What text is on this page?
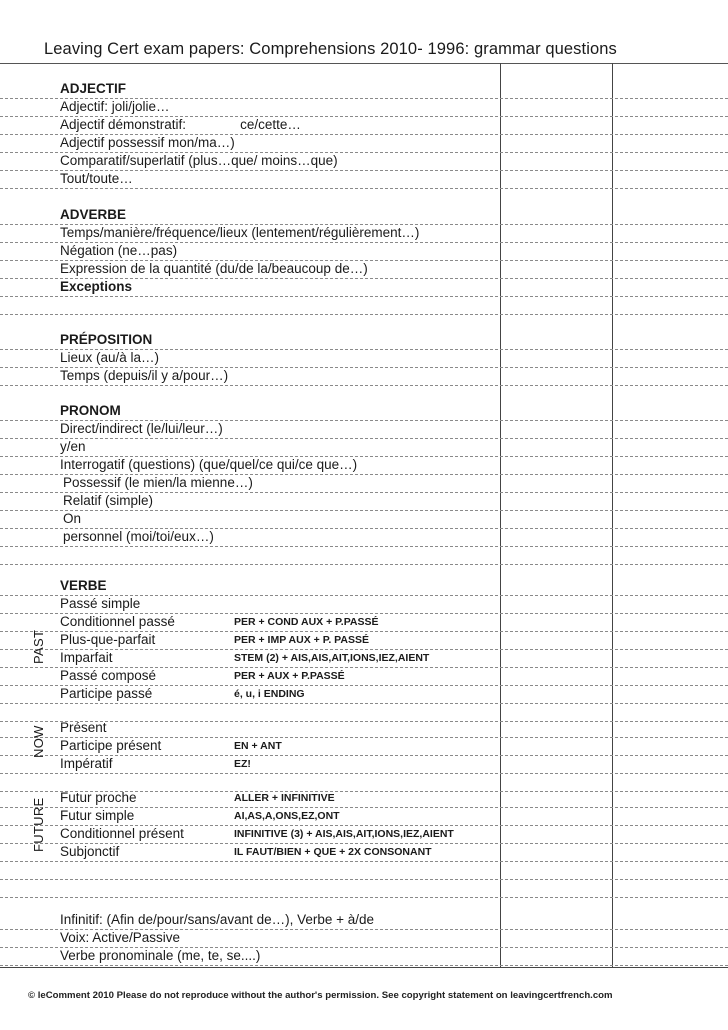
Leaving Cert exam papers: Comprehensions 2010- 1996: grammar questions
ADJECTIF
Adjectif: joli/jolie…
Adjectif démonstratif:	ce/cette…
Adjectif possessif mon/ma…)
Comparatif/superlatif (plus…que/ moins…que)
Tout/toute…
ADVERBE
Temps/manière/fréquence/lieux (lentement/régulièrement…)
Négation (ne…pas)
Expression de la quantité (du/de la/beaucoup de…)
Exceptions
PRÉPOSITION
Lieux (au/à la…)
Temps (depuis/il y a/pour…)
PRONOM
Direct/indirect (le/lui/leur…)
y/en
Interrogatif (questions) (que/quel/ce qui/ce que…)
Possessif (le mien/la mienne…)
Relatif (simple)
On
personnel (moi/toi/eux…)
VERBE
Passé simple
Conditionnel passé	PER + COND AUX + P.PASSÉ
Plus-que-parfait	PER + IMP AUX + P. PASSÉ
Imparfait	STEM (2) + AIS,AIS,AIT,IONS,IEZ,AIENT
Passé composé	PER + AUX + P.PASSÉ
Participe passé	é, u, i ENDING
Présent
Participe présent	EN + ANT
Impératif	EZ!
Futur proche	ALLER + INFINITIVE
Futur simple	AI,AS,A,ONS,EZ,ONT
Conditionnel présent	INFINITIVE (3) + AIS,AIS,AIT,IONS,IEZ,AIENT
Subjonctif	IL FAUT/BIEN + QUE + 2X CONSONANT
Infinitif: (Afin de/pour/sans/avant de…), Verbe + à/de
Voix: Active/Passive
Verbe pronominale (me, te, se....)
PAST
NOW
FUTURE
© leComment 2010 Please do not reproduce without the author's permission. See copyright statement on leavingcertfrench.com
